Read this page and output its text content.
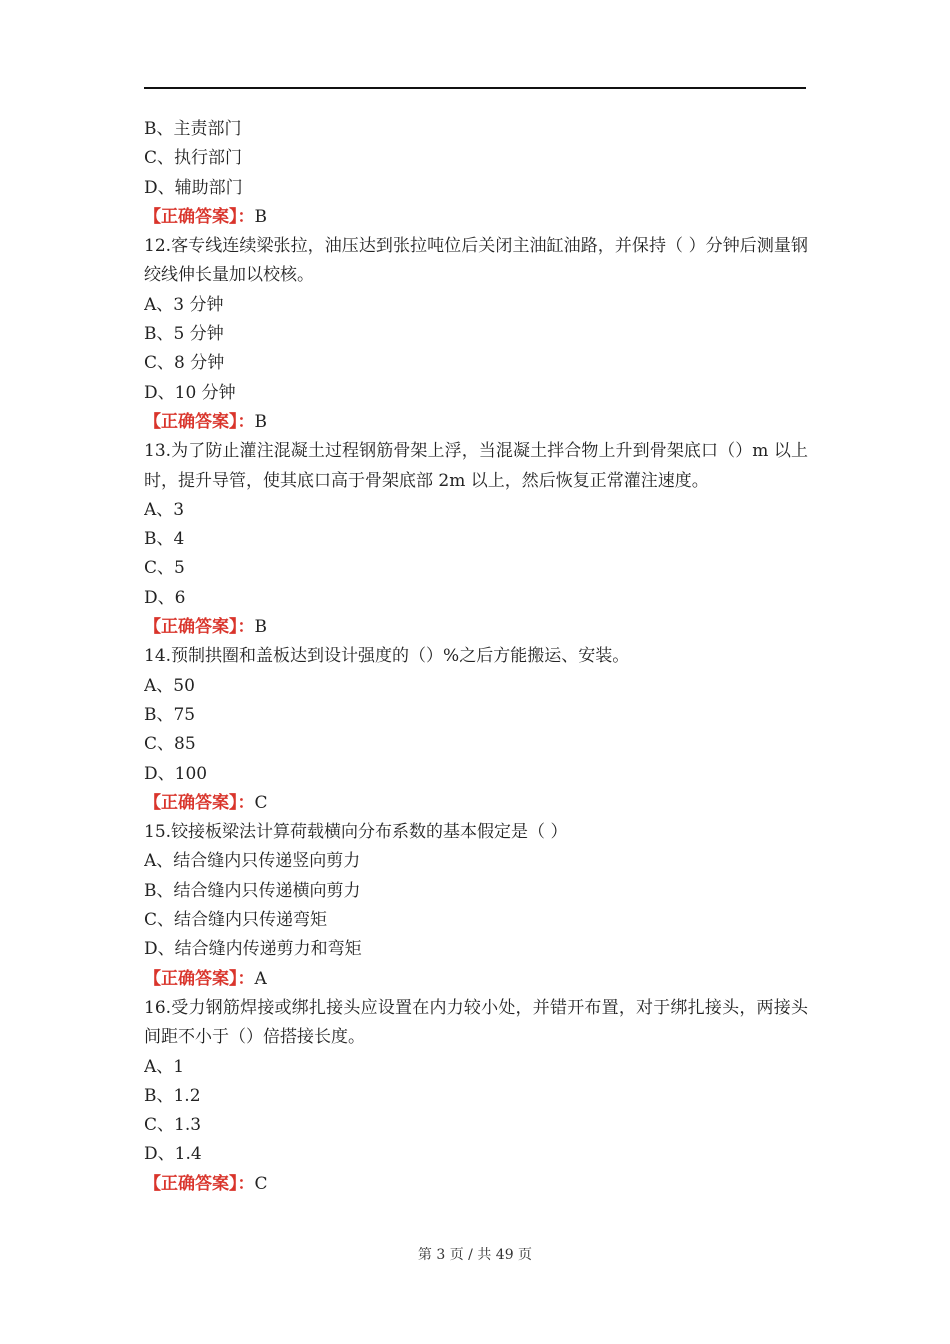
B、主责部门
C、执行部门
D、辅助部门
【正确答案】：B
12.客专线连续梁张拉，油压达到张拉吨位后关闭主油缸油路，并保持（ ）分钟后测量钢绞线伸长量加以校核。
A、3 分钟
B、5 分钟
C、8 分钟
D、10 分钟
【正确答案】：B
13.为了防止灌注混凝土过程钢筋骨架上浮，当混凝土拌合物上升到骨架底口（）m 以上时，提升导管，使其底口高于骨架底部 2m 以上，然后恢复正常灌注速度。
A、3
B、4
C、5
D、6
【正确答案】：B
14.预制拱圈和盖板达到设计强度的（）%之后方能搬运、安装。
A、50
B、75
C、85
D、100
【正确答案】：C
15.铰接板梁法计算荷载横向分布系数的基本假定是（ ）
A、结合缝内只传递竖向剪力
B、结合缝内只传递横向剪力
C、结合缝内只传递弯矩
D、结合缝内传递剪力和弯矩
【正确答案】：A
16.受力钢筋焊接或绑扎接头应设置在内力较小处，并错开布置，对于绑扎接头，两接头间距不小于（）倍搭接长度。
A、1
B、1.2
C、1.3
D、1.4
【正确答案】：C
第 3 页 / 共 49 页
